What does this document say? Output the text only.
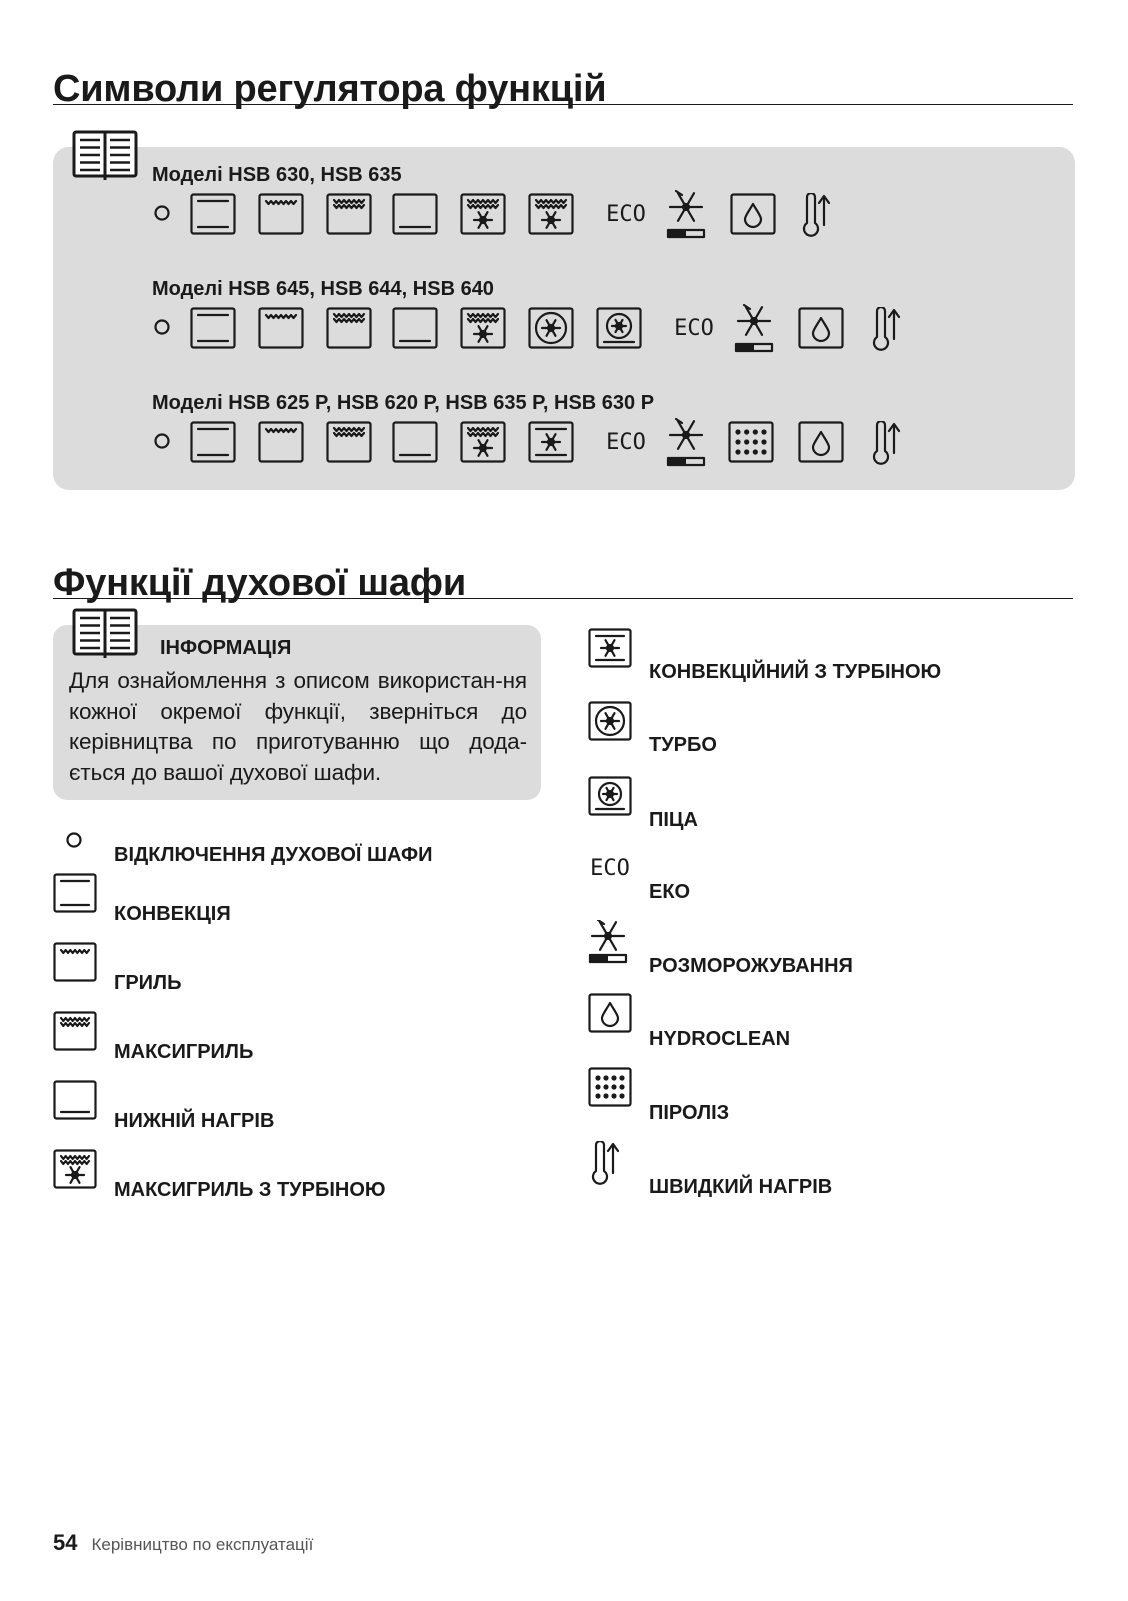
Символи регулятора функцій
Моделі HSB 630, HSB 635
ECO
Моделі HSB 645, HSB 644, HSB 640
ECO
Моделі HSB 625 P, HSB 620 P, HSB 635 P, HSB 630 P
ECO
Функції духової шафи
ІНФОРМАЦІЯ
Для ознайомлення з описом використан-ня кожної окремої функції, зверніться до керівництва по приготуванню що дода-ється до вашої духової шафи.
ВІДКЛЮЧЕННЯ ДУХОВОЇ ШАФИ
КОНВЕКЦІЯ
ГРИЛЬ
МАКСИГРИЛЬ
НИЖНІЙ НАГРІВ
МАКСИГРИЛЬ З ТУРБІНОЮ
КОНВЕКЦІЙНИЙ З ТУРБІНОЮ
ТУРБО
ПІЦА
ECO
ЕКО
РОЗМОРОЖУВАННЯ
HYDROCLEAN
ПІРОЛІЗ
ШВИДКИЙ НАГРІВ
54 Керівництво по експлуатації
